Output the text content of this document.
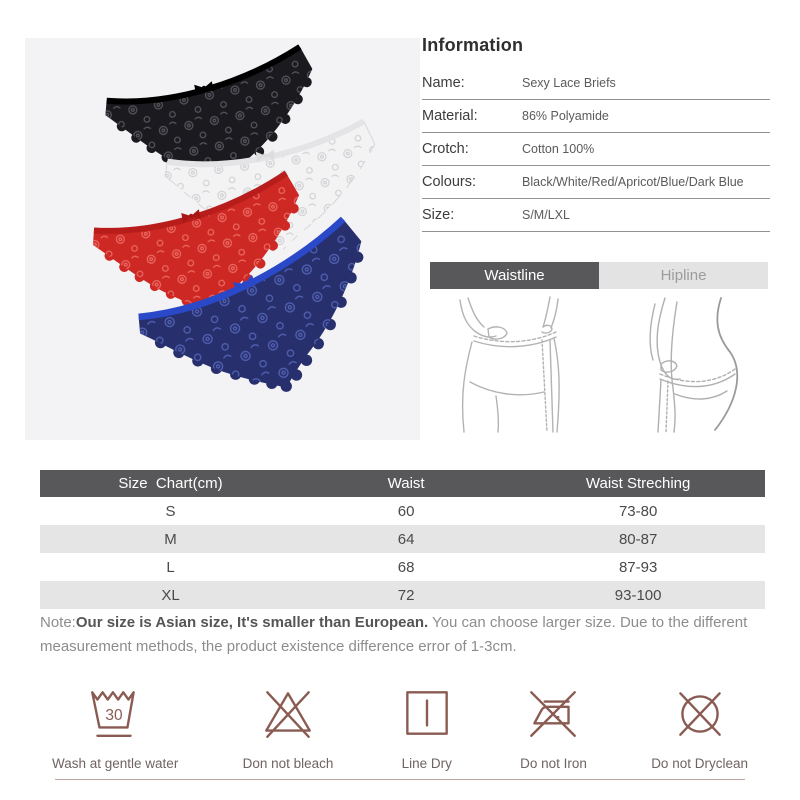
Information
Name:	Sexy Lace Briefs
Material:	86% Polyamide
Crotch:	Cotton 100%
Colours:	Black/White/Red/Apricot/Blue/Dark Blue
Size:	S/M/LXL
Waistline	Hipline
Size  Chart(cm)	Waist	Waist Streching
S	60	73-80
M	64	80-87
L	68	87-93
XL	72	93-100

Note:Our size is Asian size, It's smaller than European. You can choose larger size. Due to the different measurement methods, the product existence difference error of 1-3cm.

30
Wash at gentle water	Don not bleach	Line Dry	Do not Iron	Do not Dryclean
